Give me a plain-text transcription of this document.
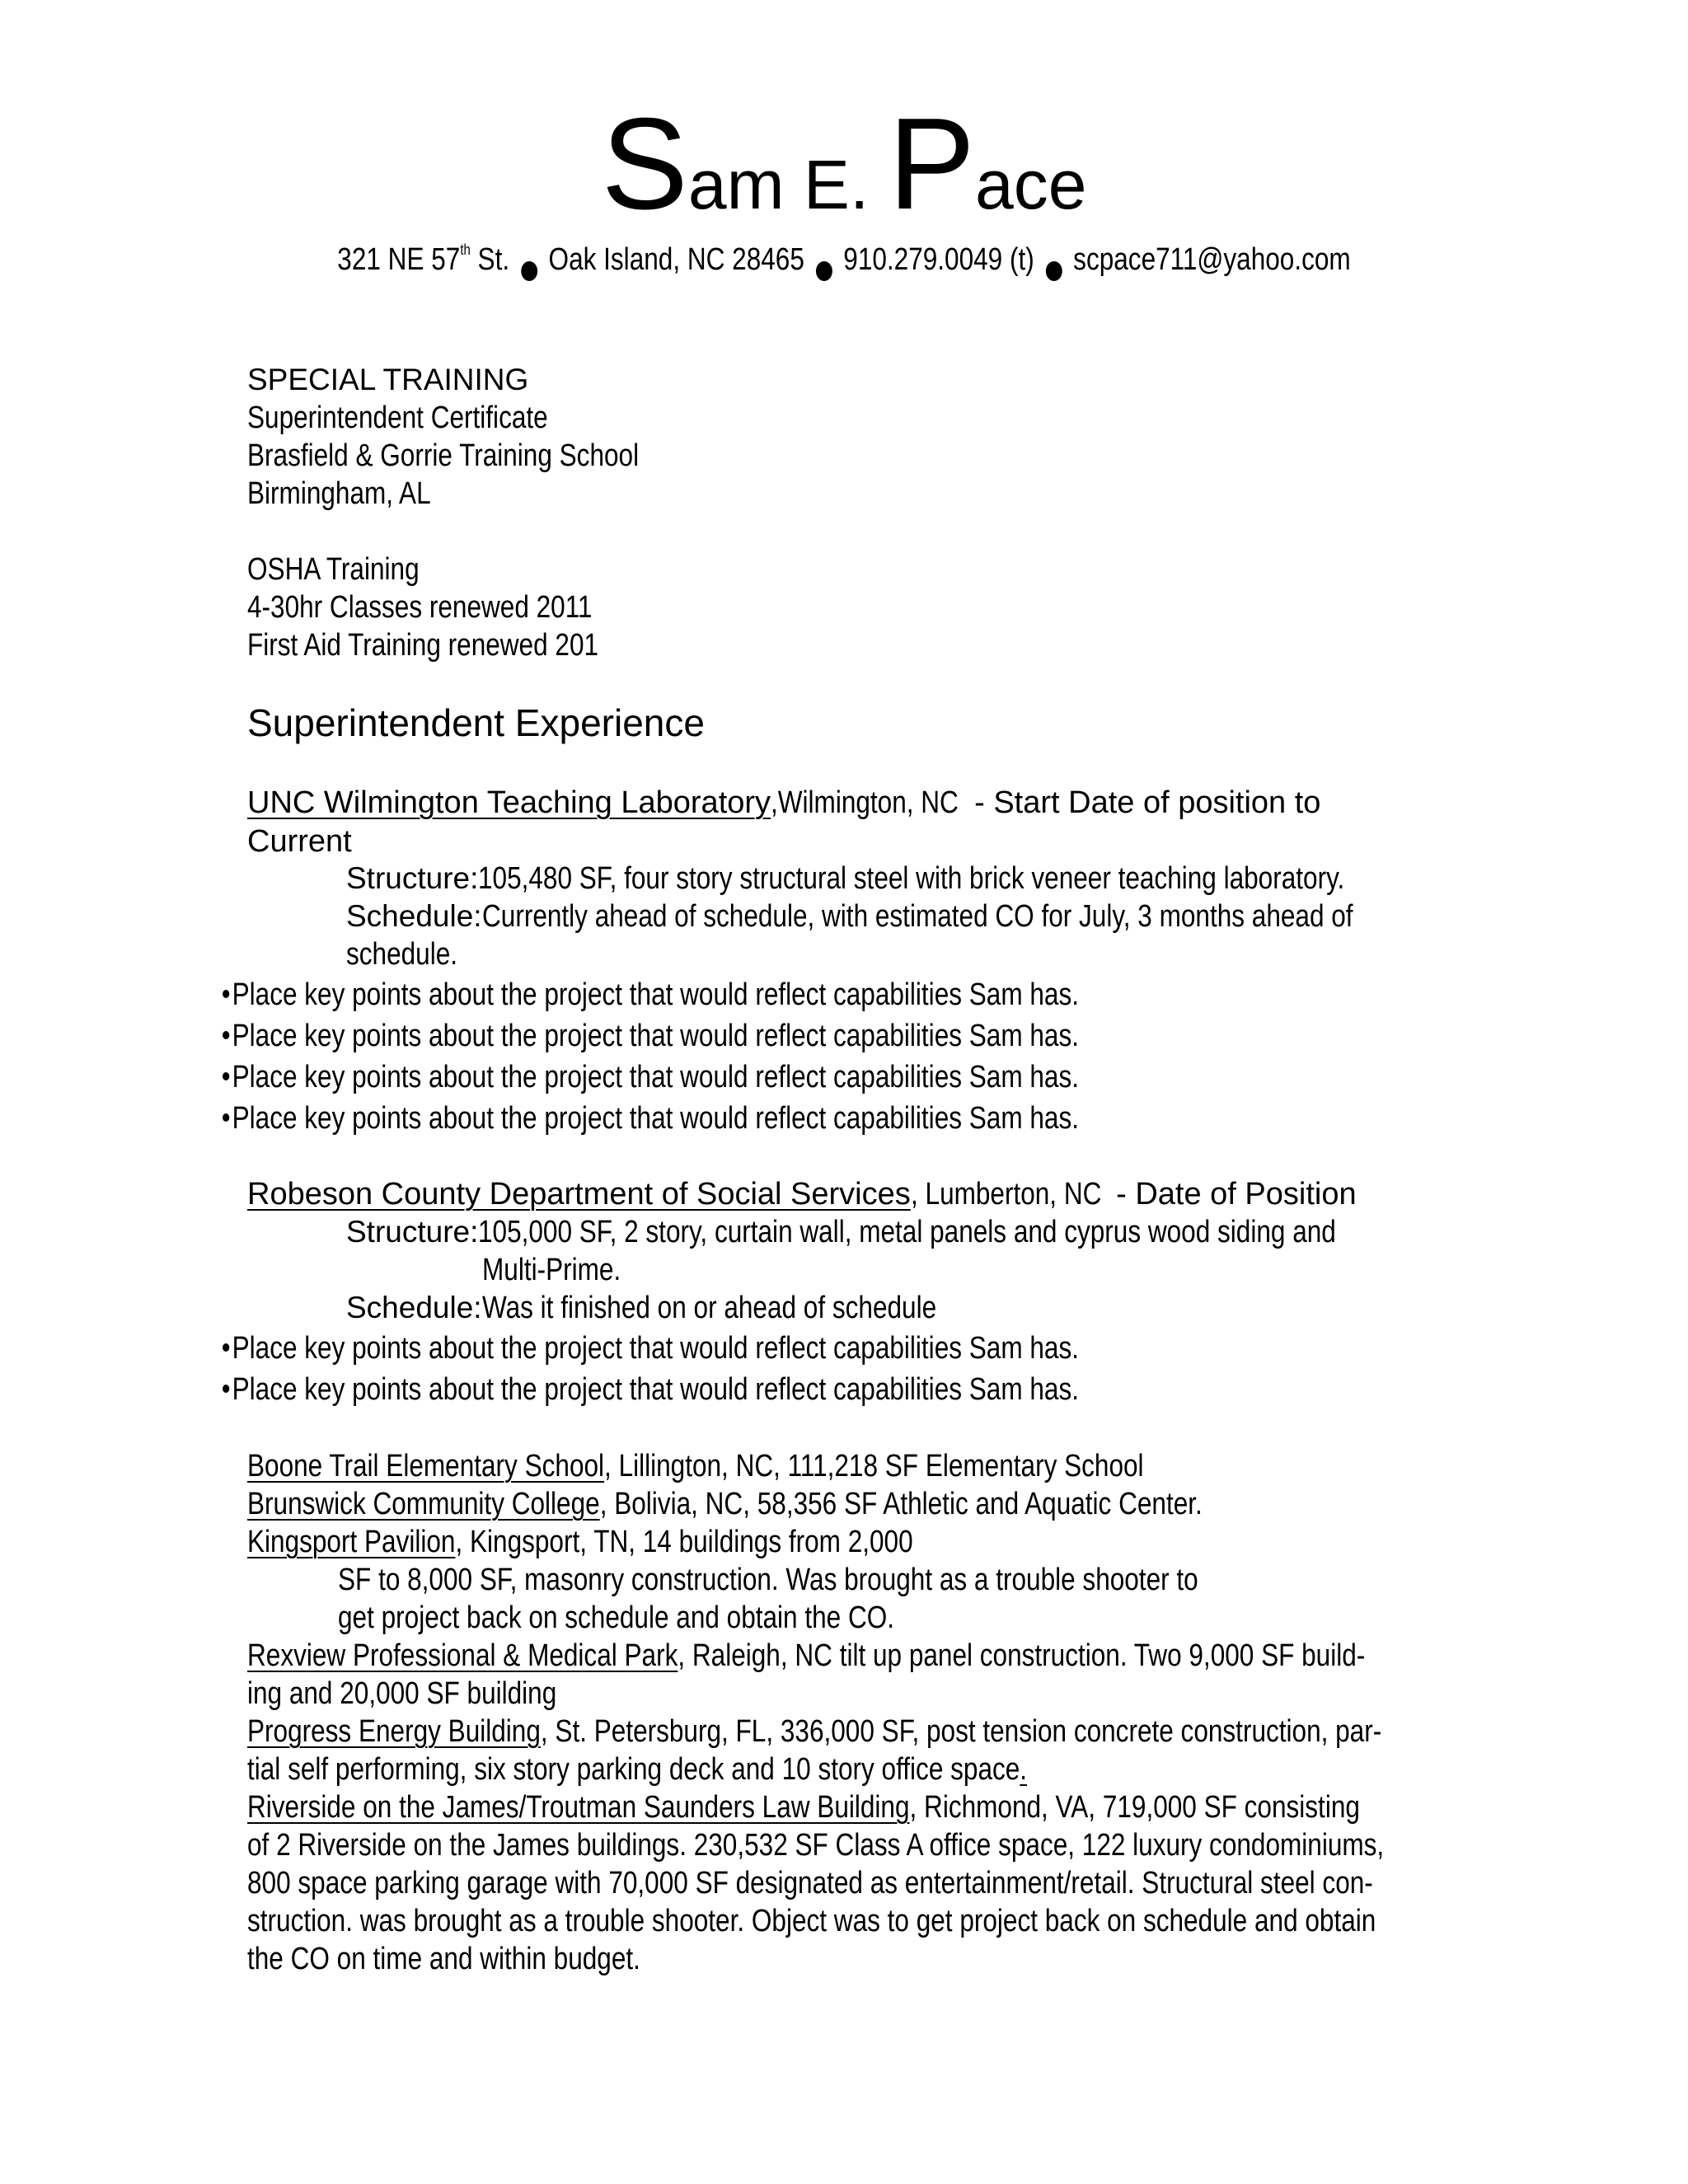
Sam E. Pace
321 NE 57th St. Oak Island, NC 28465 910.279.0049 (t) scpace711@yahoo.com
SPECIAL TRAINING
Superintendent Certificate
Brasfield & Gorrie Training School
Birmingham, AL
OSHA Training
4-30hr Classes renewed 2011
First Aid Training renewed 201
Superintendent Experience
UNC Wilmington Teaching Laboratory,Wilmington, NC - Start Date of position to
Current
Structure:105,480 SF, four story structural steel with brick veneer teaching laboratory.
Schedule:Currently ahead of schedule, with estimated CO for July, 3 months ahead of
schedule.
Place key points about the project that would reflect capabilities Sam has.
Place key points about the project that would reflect capabilities Sam has.
Place key points about the project that would reflect capabilities Sam has.
Place key points about the project that would reflect capabilities Sam has.
Robeson County Department of Social Services, Lumberton, NC - Date of Position
Structure:105,000 SF, 2 story, curtain wall, metal panels and cyprus wood siding and
Multi-Prime.
Schedule:Was it finished on or ahead of schedule
Place key points about the project that would reflect capabilities Sam has.
Place key points about the project that would reflect capabilities Sam has.
Boone Trail Elementary School, Lillington, NC, 111,218 SF Elementary School
Brunswick Community College, Bolivia, NC, 58,356 SF Athletic and Aquatic Center.
Kingsport Pavilion, Kingsport, TN, 14 buildings from 2,000
SF to 8,000 SF, masonry construction. Was brought as a trouble shooter to
get project back on schedule and obtain the CO.
Rexview Professional & Medical Park, Raleigh, NC tilt up panel construction. Two 9,000 SF build-
ing and 20,000 SF building
Progress Energy Building, St. Petersburg, FL, 336,000 SF, post tension concrete construction, par-
tial self performing, six story parking deck and 10 story office space.
Riverside on the James/Troutman Saunders Law Building, Richmond, VA, 719,000 SF consisting
of 2 Riverside on the James buildings. 230,532 SF Class A office space, 122 luxury condominiums,
800 space parking garage with 70,000 SF designated as entertainment/retail. Structural steel con-
struction. was brought as a trouble shooter. Object was to get project back on schedule and obtain
the CO on time and within budget.
